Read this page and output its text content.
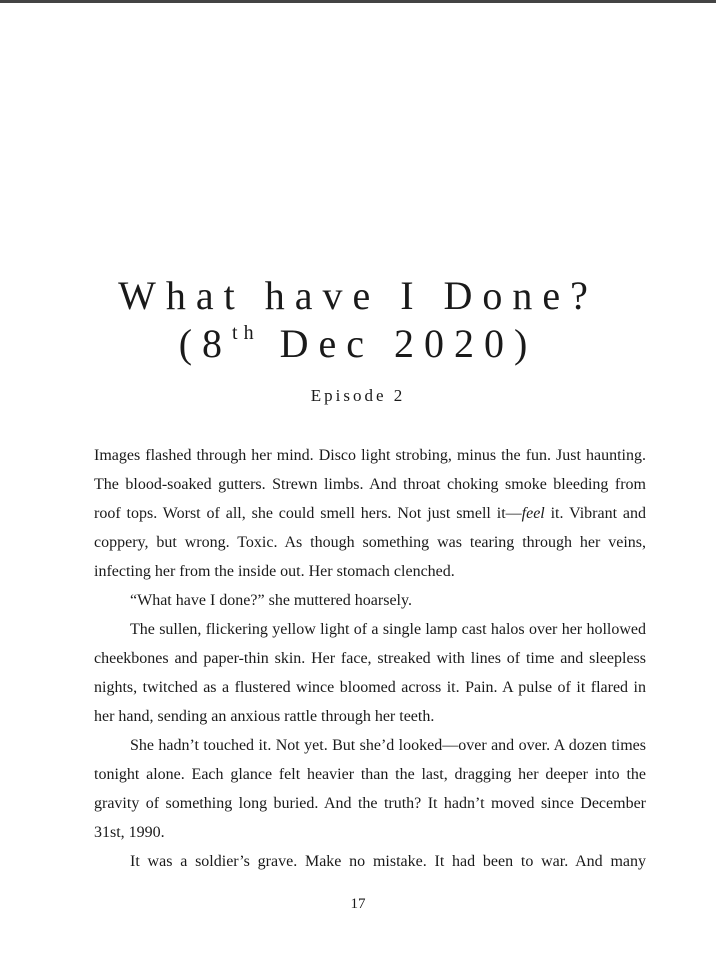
What have I Done?
(8th Dec 2020)
Episode 2

Images flashed through her mind. Disco light strobing, minus the fun. Just haunting. The blood-soaked gutters. Strewn limbs. And throat choking smoke bleeding from roof tops. Worst of all, she could smell hers. Not just smell it—feel it. Vibrant and coppery, but wrong. Toxic. As though something was tearing through her veins, infecting her from the inside out. Her stomach clenched.

“What have I done?” she muttered hoarsely.

The sullen, flickering yellow light of a single lamp cast halos over her hollowed cheekbones and paper-thin skin. Her face, streaked with lines of time and sleepless nights, twitched as a flustered wince bloomed across it. Pain. A pulse of it flared in her hand, sending an anxious rattle through her teeth.

She hadn’t touched it. Not yet. But she’d looked—over and over. A dozen times tonight alone. Each glance felt heavier than the last, dragging her deeper into the gravity of something long buried. And the truth? It hadn’t moved since December 31st, 1990.

It was a soldier’s grave. Make no mistake. It had been to war. And many

17
